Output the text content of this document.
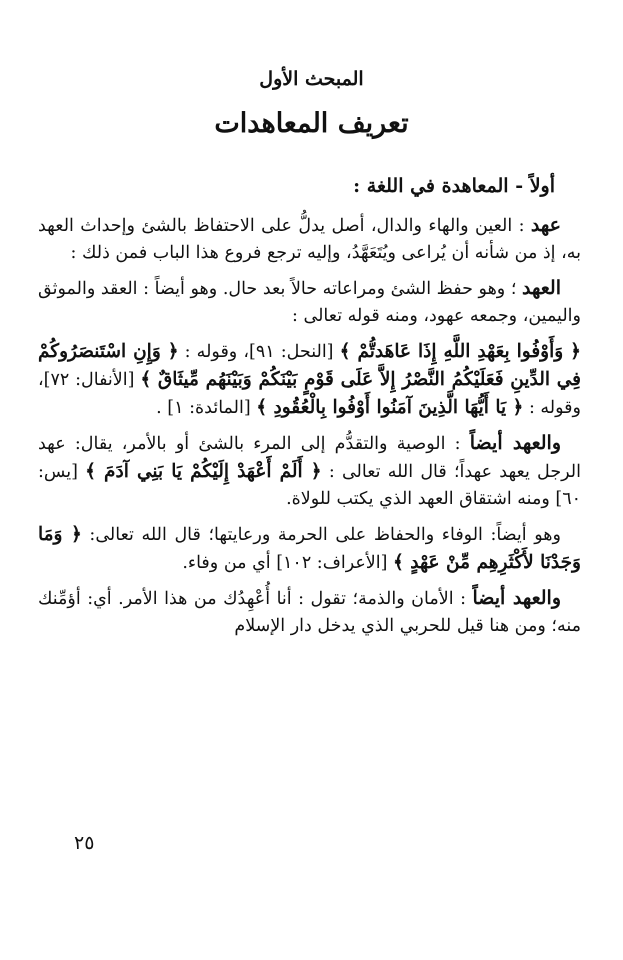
المبحث الأول
تعريف المعاهدات
أولاً - المعاهدة في اللغة :

عهد : العين والهاء والدال، أصل يدلُّ على الاحتفاظ بالشئ وإحداث العهد به، إذ من شأنه أن يُراعى ويُتَعَهَّدُ، وإليه ترجع فروع هذا الباب فمن ذلك :

العهد ؛ وهو حفظ الشئ ومراعاته حالاً بعد حال. وهو أيضاً : العقد والموثق واليمين، وجمعه عهود، ومنه قوله تعالى :

﴿ وَأَوْفُوا بِعَهْدِ اللَّهِ إِذَا عَاهَدتُّمْ ﴾ [النحل: ٩١]، وقوله : ﴿ وَإِنِ اسْتَنصَرُوكُمْ فِي الدِّينِ فَعَلَيْكُمُ النَّصْرُ إِلاَّ عَلَى قَوْمٍ بَيْنَكُمْ وَبَيْنَهُم مِّيثَاقٌ ﴾ [الأنفال: ٧٢]، وقوله : ﴿ يَا أَيُّهَا الَّذِينَ آمَنُوا أَوْفُوا بِالْعُقُودِ ﴾ [المائدة: ١] .

والعهد أيضاً : الوصية والتقدُّم إلى المرء بالشئ أو بالأمر، يقال: عهد الرجل يعهد عهداً؛ قال الله تعالى : ﴿ أَلَمْ أَعْهَدْ إِلَيْكُمْ يَا بَنِي آدَمَ ﴾ [يس: ٦٠] ومنه اشتقاق العهد الذي يكتب للولاة.

وهو أيضاً: الوفاء والحفاظ على الحرمة ورعايتها؛ قال الله تعالى: ﴿ وَمَا وَجَدْنَا لأَكْثَرِهِم مِّنْ عَهْدٍ ﴾ [الأعراف: ١٠٢] أي من وفاء.

والعهد أيضاً : الأمان والذمة؛ تقول : أنا أُعْهِدُك من هذا الأمر. أي: أؤمِّنك منه؛ ومن هنا قيل للحربي الذي يدخل دار الإسلام

٢٥
